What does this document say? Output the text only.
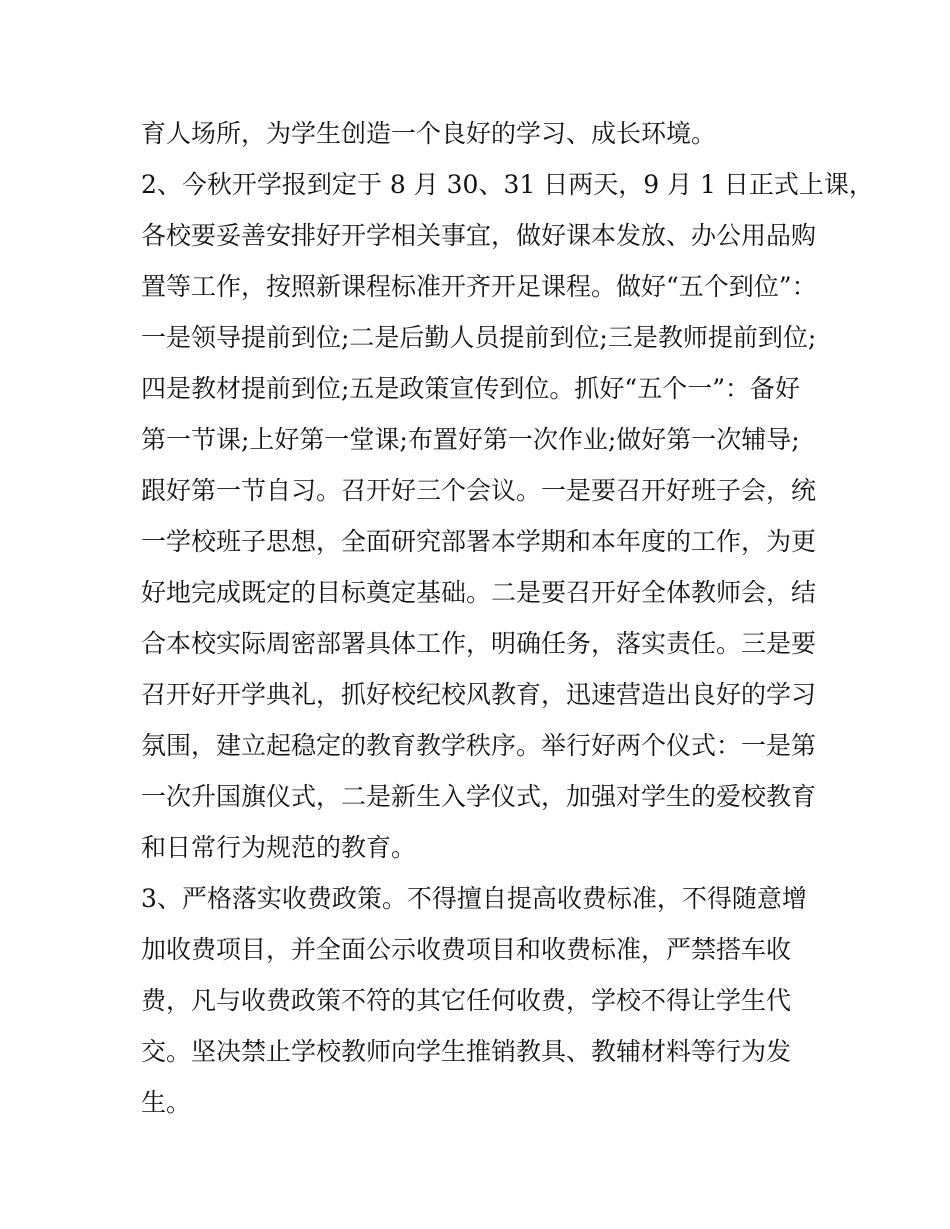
育人场所，为学生创造一个良好的学习、成长环境。
2、今秋开学报到定于 8 月 30、31 日两天，9 月 1 日正式上课，
各校要妥善安排好开学相关事宜，做好课本发放、办公用品购
置等工作，按照新课程标准开齐开足课程。做好“五个到位”：
一是领导提前到位;二是后勤人员提前到位;三是教师提前到位;
四是教材提前到位;五是政策宣传到位。抓好“五个一”：备好
第一节课;上好第一堂课;布置好第一次作业;做好第一次辅导;
跟好第一节自习。召开好三个会议。一是要召开好班子会，统
一学校班子思想，全面研究部署本学期和本年度的工作，为更
好地完成既定的目标奠定基础。二是要召开好全体教师会，结
合本校实际周密部署具体工作，明确任务，落实责任。三是要
召开好开学典礼，抓好校纪校风教育，迅速营造出良好的学习
氛围，建立起稳定的教育教学秩序。举行好两个仪式：一是第
一次升国旗仪式，二是新生入学仪式，加强对学生的爱校教育
和日常行为规范的教育。
3、严格落实收费政策。不得擅自提高收费标准，不得随意增
加收费项目，并全面公示收费项目和收费标准，严禁搭车收
费，凡与收费政策不符的其它任何收费，学校不得让学生代
交。坚决禁止学校教师向学生推销教具、教辅材料等行为发
生。
